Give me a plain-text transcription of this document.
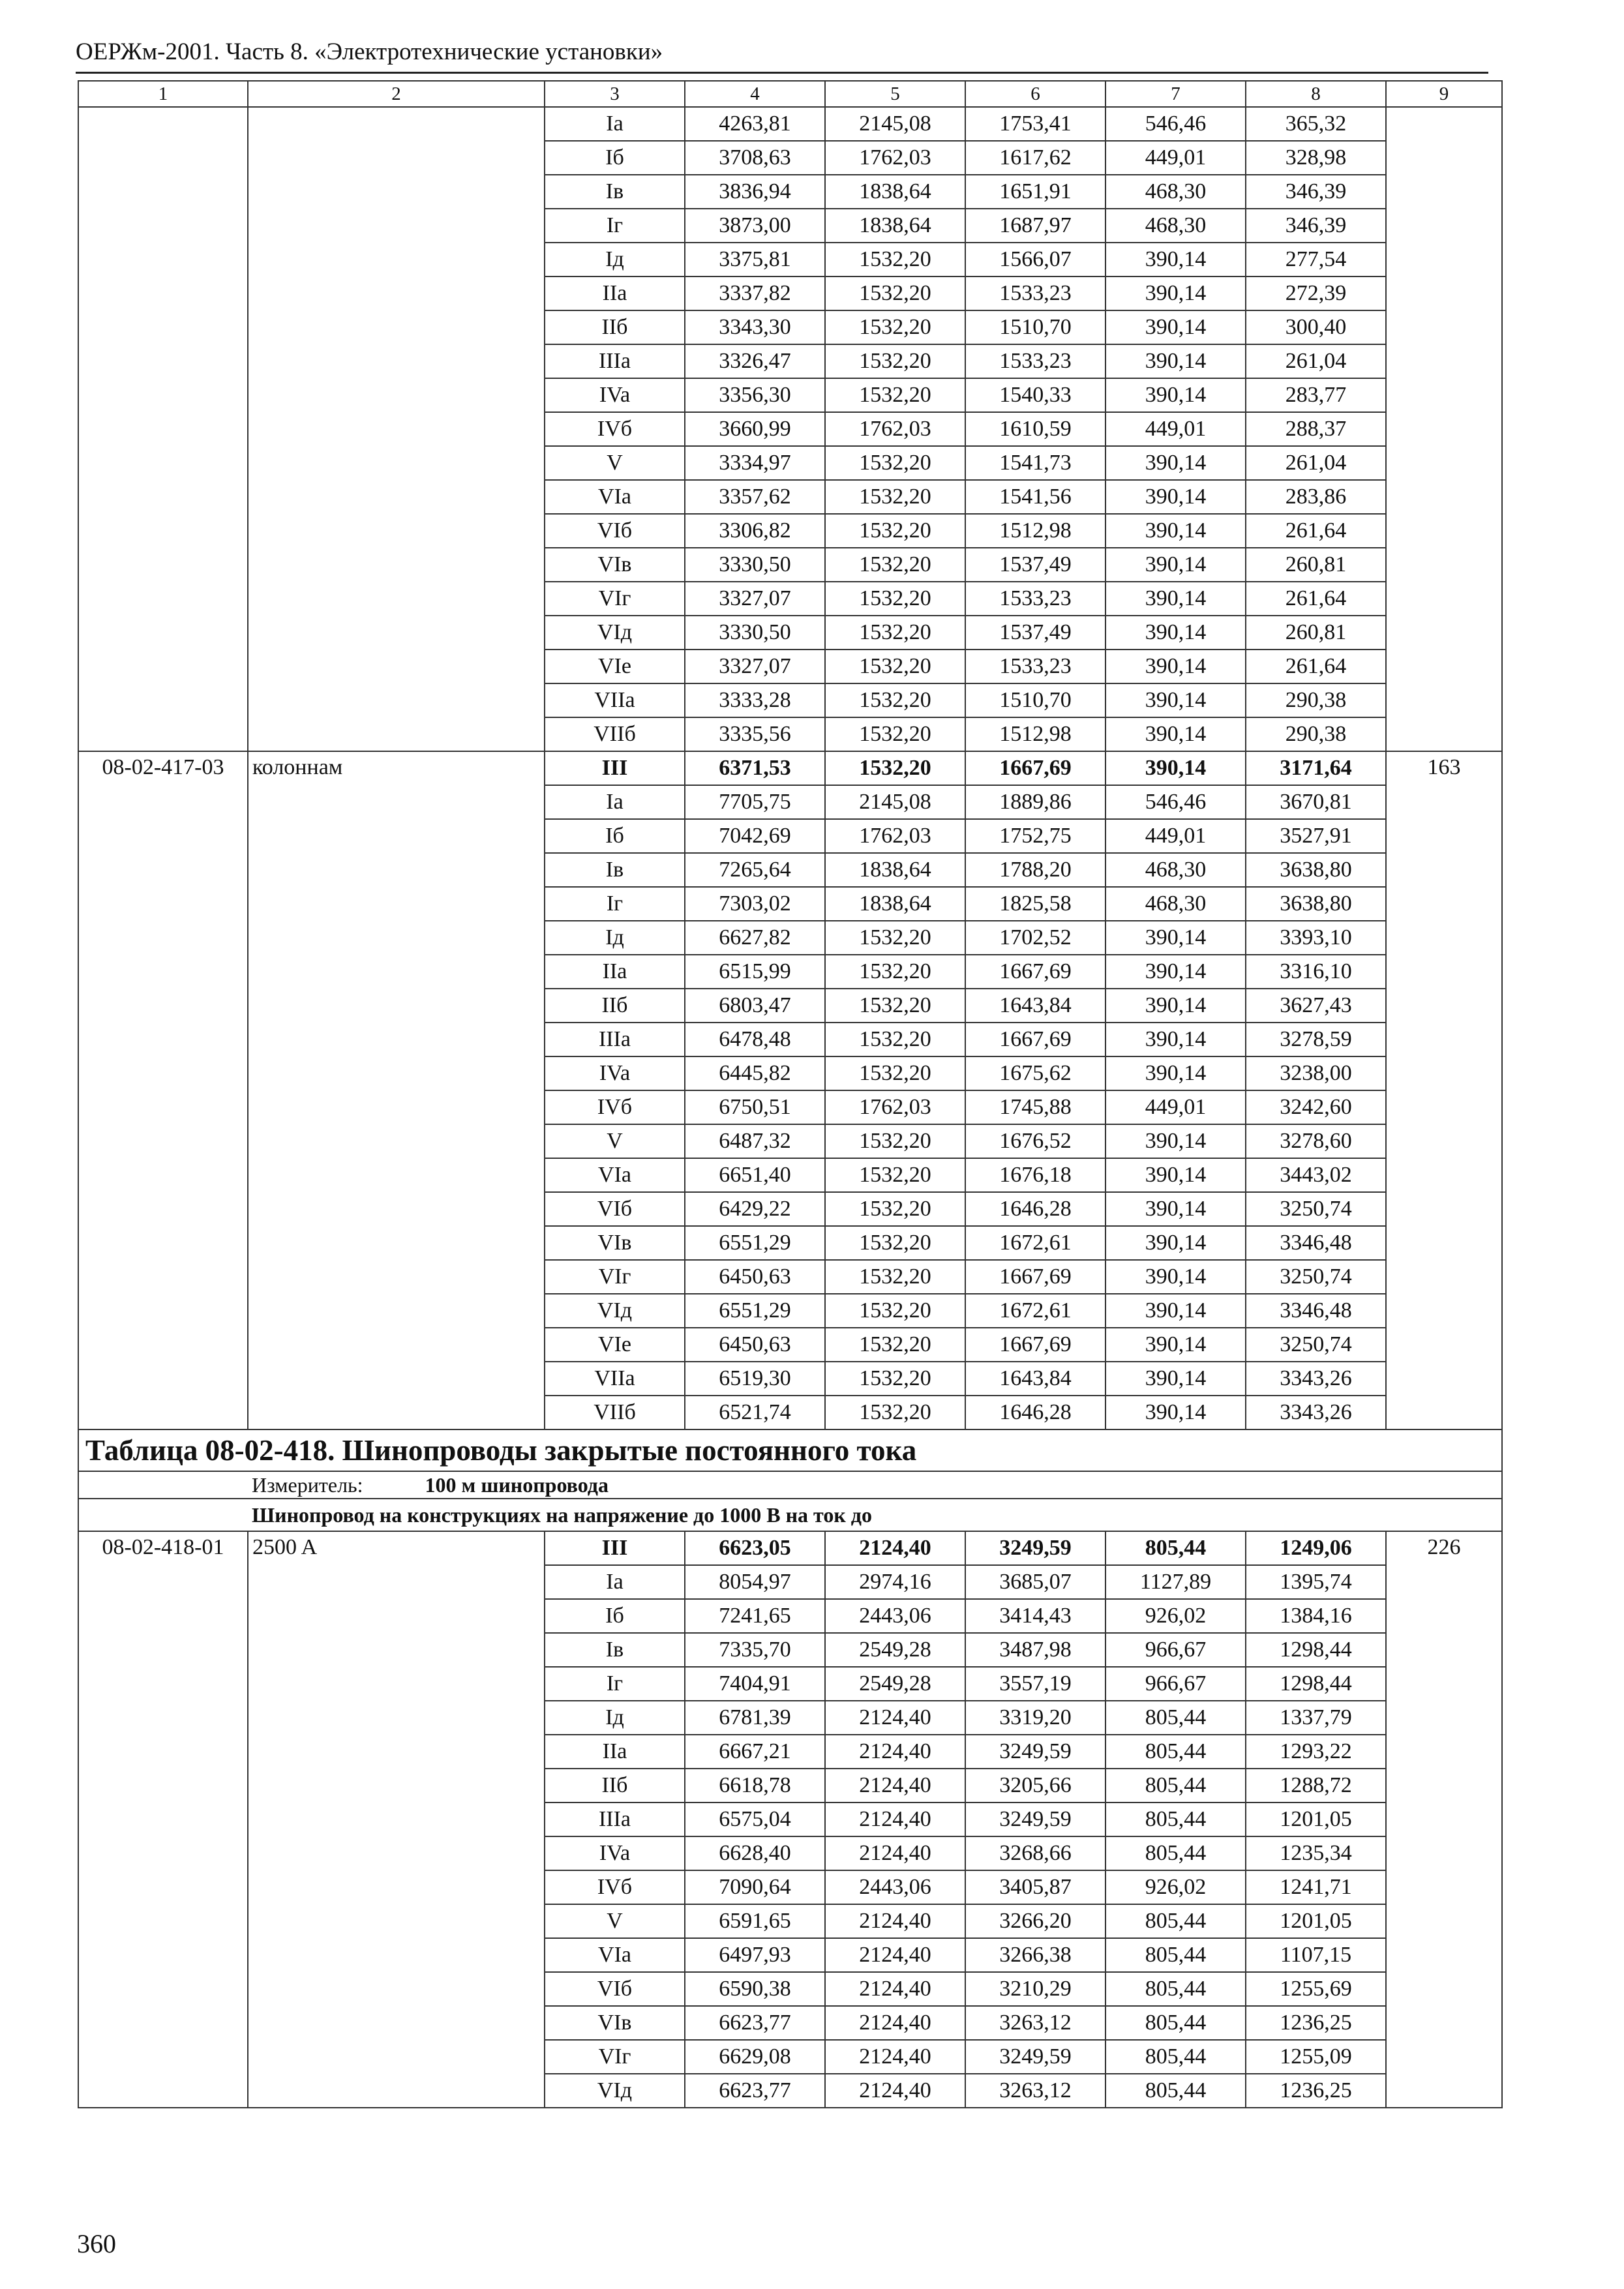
ОЕРЖм-2001. Часть 8. «Электротехнические установки»
1	2	3	4	5	6	7	8	9
		Ia	4263,81	2145,08	1753,41	546,46	365,32	
		Iб	3708,63	1762,03	1617,62	449,01	328,98	
		Iв	3836,94	1838,64	1651,91	468,30	346,39	
		Iг	3873,00	1838,64	1687,97	468,30	346,39	
		Iд	3375,81	1532,20	1566,07	390,14	277,54	
		IIa	3337,82	1532,20	1533,23	390,14	272,39	
		IIб	3343,30	1532,20	1510,70	390,14	300,40	
		IIIa	3326,47	1532,20	1533,23	390,14	261,04	
		IVa	3356,30	1532,20	1540,33	390,14	283,77	
		IVб	3660,99	1762,03	1610,59	449,01	288,37	
		V	3334,97	1532,20	1541,73	390,14	261,04	
		VIa	3357,62	1532,20	1541,56	390,14	283,86	
		VIб	3306,82	1532,20	1512,98	390,14	261,64	
		VIв	3330,50	1532,20	1537,49	390,14	260,81	
		VIг	3327,07	1532,20	1533,23	390,14	261,64	
		VIд	3330,50	1532,20	1537,49	390,14	260,81	
		VIe	3327,07	1532,20	1533,23	390,14	261,64	
		VIIa	3333,28	1532,20	1510,70	390,14	290,38	
		VIIб	3335,56	1532,20	1512,98	390,14	290,38	
08-02-417-03	колоннам	III	6371,53	1532,20	1667,69	390,14	3171,64	163
		Ia	7705,75	2145,08	1889,86	546,46	3670,81	
		Iб	7042,69	1762,03	1752,75	449,01	3527,91	
		Iв	7265,64	1838,64	1788,20	468,30	3638,80	
		Iг	7303,02	1838,64	1825,58	468,30	3638,80	
		Iд	6627,82	1532,20	1702,52	390,14	3393,10	
		IIa	6515,99	1532,20	1667,69	390,14	3316,10	
		IIб	6803,47	1532,20	1643,84	390,14	3627,43	
		IIIa	6478,48	1532,20	1667,69	390,14	3278,59	
		IVa	6445,82	1532,20	1675,62	390,14	3238,00	
		IVб	6750,51	1762,03	1745,88	449,01	3242,60	
		V	6487,32	1532,20	1676,52	390,14	3278,60	
		VIa	6651,40	1532,20	1676,18	390,14	3443,02	
		VIб	6429,22	1532,20	1646,28	390,14	3250,74	
		VIв	6551,29	1532,20	1672,61	390,14	3346,48	
		VIг	6450,63	1532,20	1667,69	390,14	3250,74	
		VIд	6551,29	1532,20	1672,61	390,14	3346,48	
		VIe	6450,63	1532,20	1667,69	390,14	3250,74	
		VIIa	6519,30	1532,20	1643,84	390,14	3343,26	
		VIIб	6521,74	1532,20	1646,28	390,14	3343,26	
Таблица 08-02-418. Шинопроводы закрытые постоянного тока								
Измеритель: 100 м шинопровода								
Шинопровод на конструкциях на напряжение до 1000 В на ток до								
08-02-418-01	2500 A	III	6623,05	2124,40	3249,59	805,44	1249,06	226
		Ia	8054,97	2974,16	3685,07	1127,89	1395,74	
		Iб	7241,65	2443,06	3414,43	926,02	1384,16	
		Iв	7335,70	2549,28	3487,98	966,67	1298,44	
		Iг	7404,91	2549,28	3557,19	966,67	1298,44	
		Iд	6781,39	2124,40	3319,20	805,44	1337,79	
		IIa	6667,21	2124,40	3249,59	805,44	1293,22	
		IIб	6618,78	2124,40	3205,66	805,44	1288,72	
		IIIa	6575,04	2124,40	3249,59	805,44	1201,05	
		IVa	6628,40	2124,40	3268,66	805,44	1235,34	
		IVб	7090,64	2443,06	3405,87	926,02	1241,71	
		V	6591,65	2124,40	3266,20	805,44	1201,05	
		VIa	6497,93	2124,40	3266,38	805,44	1107,15	
		VIб	6590,38	2124,40	3210,29	805,44	1255,69	
		VIв	6623,77	2124,40	3263,12	805,44	1236,25	
		VIг	6629,08	2124,40	3249,59	805,44	1255,09	
		VIд	6623,77	2124,40	3263,12	805,44	1236,25	
360
